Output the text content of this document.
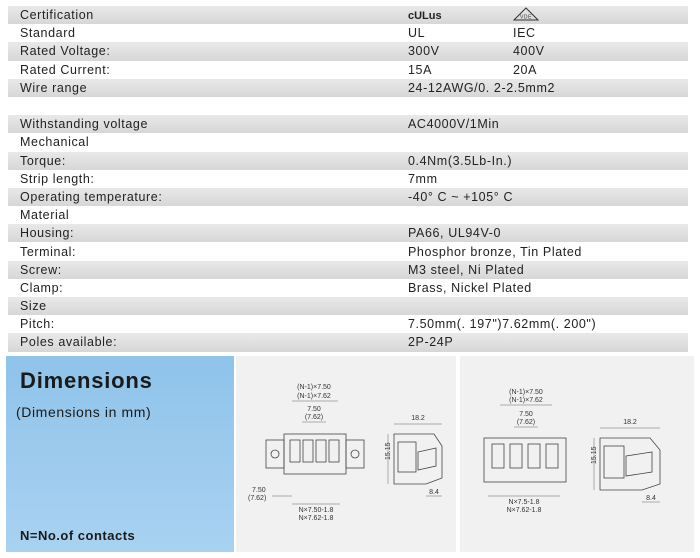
Certification	cULus	VDE
Standard	UL	IEC
Rated Voltage:	300V	400V
Rated Current:	15A	20A
Wire range	24-12AWG/0. 2-2.5mm2
Withstanding voltage	AC4000V/1Min
Mechanical
Torque:	0.4Nm(3.5Lb-In.)
Strip length:	7mm
Operating temperature:	-40° C ~ +105° C
Material
Housing:	PA66, UL94V-0
Terminal:	Phosphor bronze, Tin Plated
Screw:	M3 steel, Ni Plated
Clamp:	Brass, Nickel Plated
Size
Pitch:	7.50mm(. 197")7.62mm(. 200")
Poles available:	2P-24P
Dimensions
(Dimensions in mm)
N=No.of contacts
(N-1)×7.50
(N-1)×7.62
7.50
(7.62)
7.50
(7.62)
N×7.50-1.8
N×7.62-1.8
18.2
15.15
8.4
(N-1)×7.50
(N-1)×7.62
7.50
(7.62)
N×7.5-1.8
N×7.62-1.8
18.2
15.15
8.4
